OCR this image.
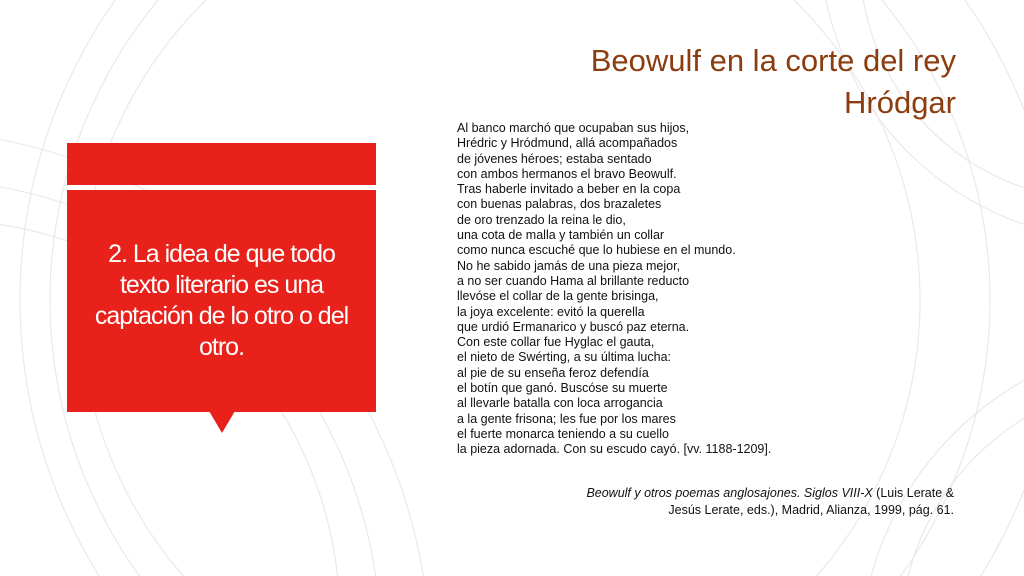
2. La idea de que todo texto literario es una captación de lo otro o del otro.
Beowulf en la corte del rey
Hródgar
Al banco marchó que ocupaban sus hijos,
Hrédric y Hródmund, allá acompañados
de jóvenes héroes; estaba sentado
con ambos hermanos el bravo Beowulf.
Tras haberle invitado a beber en la copa
con buenas palabras, dos brazaletes
de oro trenzado la reina le dio,
una cota de malla y también un collar
como nunca escuché que lo hubiese en el mundo.
No he sabido jamás de una pieza mejor,
a no ser cuando Hama al brillante reducto
llevóse el collar de la gente brisinga,
la joya excelente: evitó la querella
que urdió Ermanarico y buscó paz eterna.
Con este collar fue Hyglac el gauta,
el nieto de Swérting, a su última lucha:
al pie de su enseña feroz defendía
el botín que ganó. Buscóse su muerte
al llevarle batalla con loca arrogancia
a la gente frisona; les fue por los mares
el fuerte monarca teniendo a su cuello
la pieza adornada. Con su escudo cayó. [vv. 1188-1209].
Beowulf y otros poemas anglosajones. Siglos VIII-X (Luis Lerate &
Jesús Lerate, eds.), Madrid, Alianza, 1999, pág. 61.
